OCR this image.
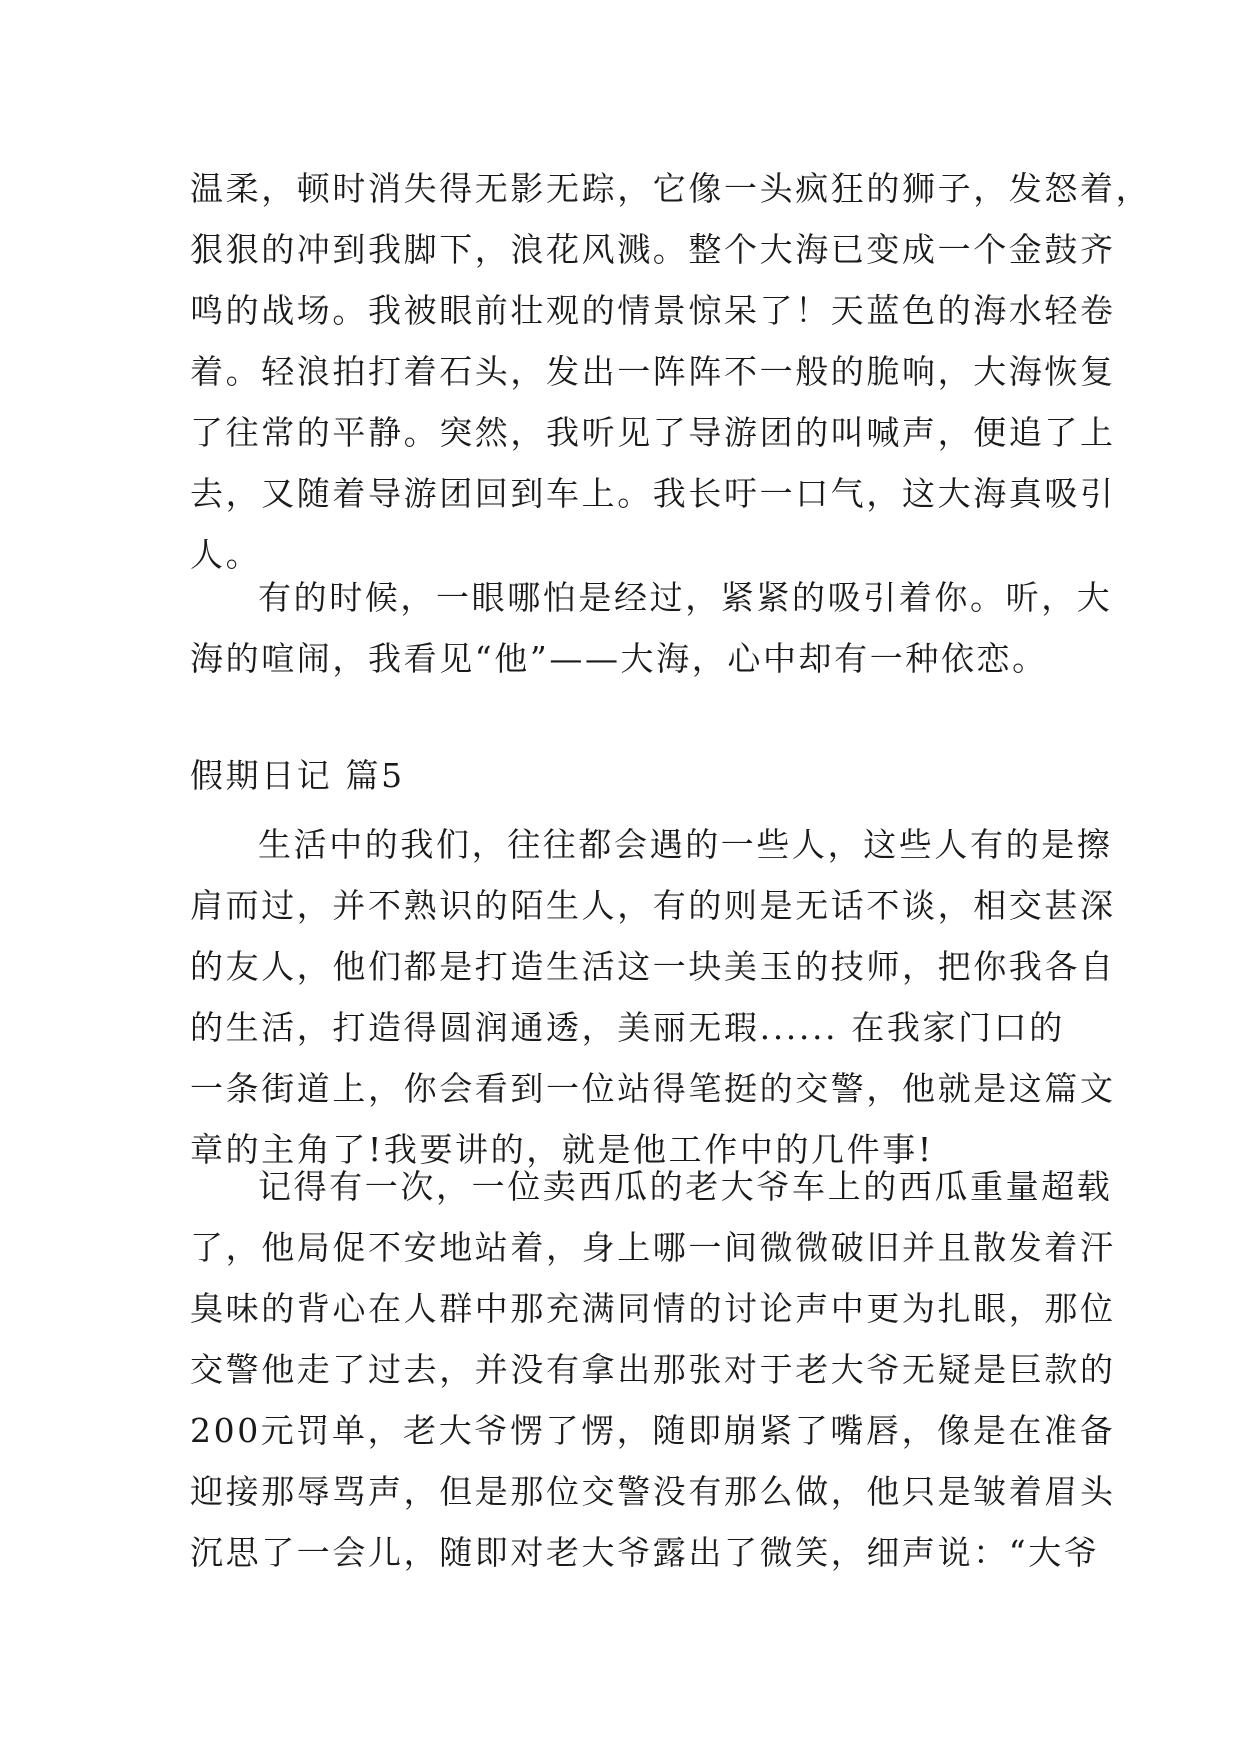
温柔，顿时消失得无影无踪，它像一头疯狂的狮子，发怒着，
狠狠的冲到我脚下，浪花风溅。整个大海已变成一个金鼓齐
鸣的战场。我被眼前壮观的情景惊呆了！天蓝色的海水轻卷
着。轻浪拍打着石头，发出一阵阵不一般的脆响，大海恢复
了往常的平静。突然，我听见了导游团的叫喊声，便追了上
去，又随着导游团回到车上。我长吁一口气，这大海真吸引
人。
有的时候，一眼哪怕是经过，紧紧的吸引着你。听，大
海的喧闹，我看见“他”——大海，心中却有一种依恋。
假期日记 篇5
生活中的我们，往往都会遇的一些人，这些人有的是擦
肩而过，并不熟识的陌生人，有的则是无话不谈，相交甚深
的友人，他们都是打造生活这一块美玉的技师，把你我各自
的生活，打造得圆润通透，美丽无瑕...... 在我家门口的
一条街道上，你会看到一位站得笔挺的交警，他就是这篇文
章的主角了!我要讲的，就是他工作中的几件事!
记得有一次，一位卖西瓜的老大爷车上的西瓜重量超载
了，他局促不安地站着，身上哪一间微微破旧并且散发着汗
臭味的背心在人群中那充满同情的讨论声中更为扎眼，那位
交警他走了过去，并没有拿出那张对于老大爷无疑是巨款的
200元罚单，老大爷愣了愣，随即崩紧了嘴唇，像是在准备
迎接那辱骂声，但是那位交警没有那么做，他只是皱着眉头
沉思了一会儿，随即对老大爷露出了微笑，细声说：“大爷
